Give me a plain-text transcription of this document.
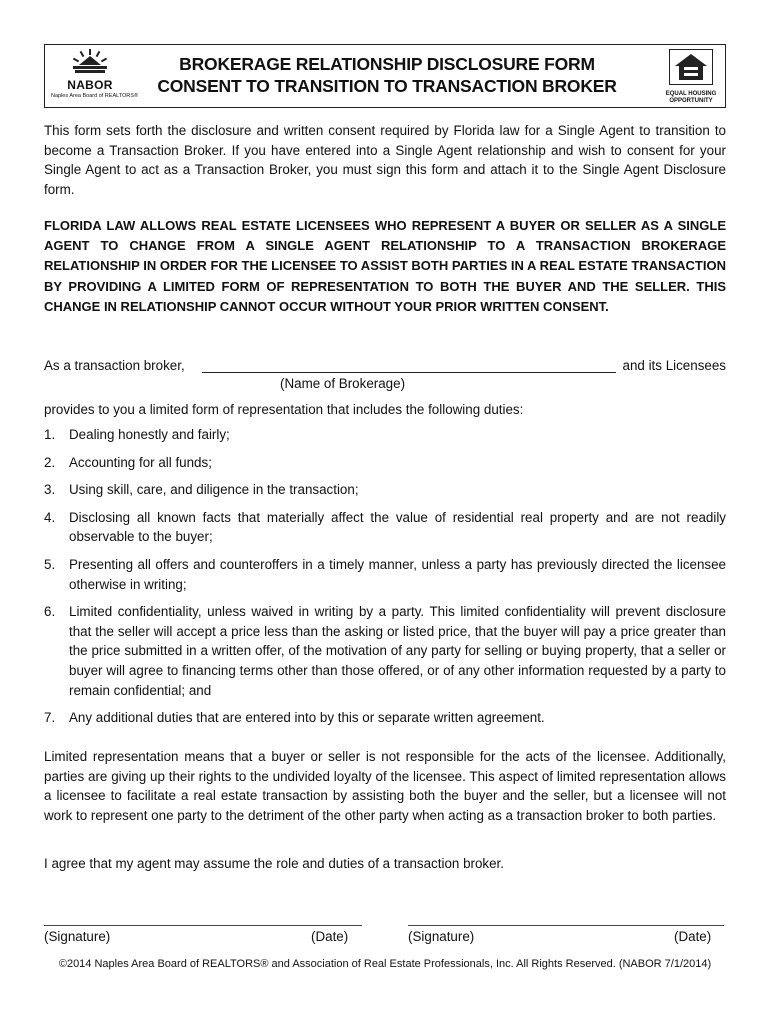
NABOR
Naples Area Board of REALTORS®
BROKERAGE RELATIONSHIP DISCLOSURE FORM
CONSENT TO TRANSITION TO TRANSACTION BROKER	EQUAL HOUSING
OPPORTUNITY

This form sets forth the disclosure and written consent required by Florida law for a Single Agent to transition to become a Transaction Broker. If you have entered into a Single Agent relationship and wish to consent for your Single Agent to act as a Transaction Broker, you must sign this form and attach it to the Single Agent Disclosure form.

FLORIDA LAW ALLOWS REAL ESTATE LICENSEES WHO REPRESENT A BUYER OR SELLER AS A SINGLE AGENT TO CHANGE FROM A SINGLE AGENT RELATIONSHIP TO A TRANSACTION BROKERAGE RELATIONSHIP IN ORDER FOR THE LICENSEE TO ASSIST BOTH PARTIES IN A REAL ESTATE TRANSACTION BY PROVIDING A LIMITED FORM OF REPRESENTATION TO BOTH THE BUYER AND THE SELLER. THIS CHANGE IN RELATIONSHIP CANNOT OCCUR WITHOUT YOUR PRIOR WRITTEN CONSENT.

As a transaction broker,	and its Licensees
(Name of Brokerage)

provides to you a limited form of representation that includes the following duties:

1. Dealing honestly and fairly;
2. Accounting for all funds;
3. Using skill, care, and diligence in the transaction;
4. Disclosing all known facts that materially affect the value of residential real property and are not readily observable to the buyer;
5. Presenting all offers and counteroffers in a timely manner, unless a party has previously directed the licensee otherwise in writing;
6. Limited confidentiality, unless waived in writing by a party. This limited confidentiality will prevent disclosure that the seller will accept a price less than the asking or listed price, that the buyer will pay a price greater than the price submitted in a written offer, of the motivation of any party for selling or buying property, that a seller or buyer will agree to financing terms other than those offered, or of any other information requested by a party to remain confidential; and
7. Any additional duties that are entered into by this or separate written agreement.

Limited representation means that a buyer or seller is not responsible for the acts of the licensee. Additionally, parties are giving up their rights to the undivided loyalty of the licensee. This aspect of limited representation allows a licensee to facilitate a real estate transaction by assisting both the buyer and the seller, but a licensee will not work to represent one party to the detriment of the other party when acting as a transaction broker to both parties.

I agree that my agent may assume the role and duties of a transaction broker.

(Signature)	(Date)	(Signature)	(Date)
©2014 Naples Area Board of REALTORS® and Association of Real Estate Professionals, Inc. All Rights Reserved. (NABOR 7/1/2014)
